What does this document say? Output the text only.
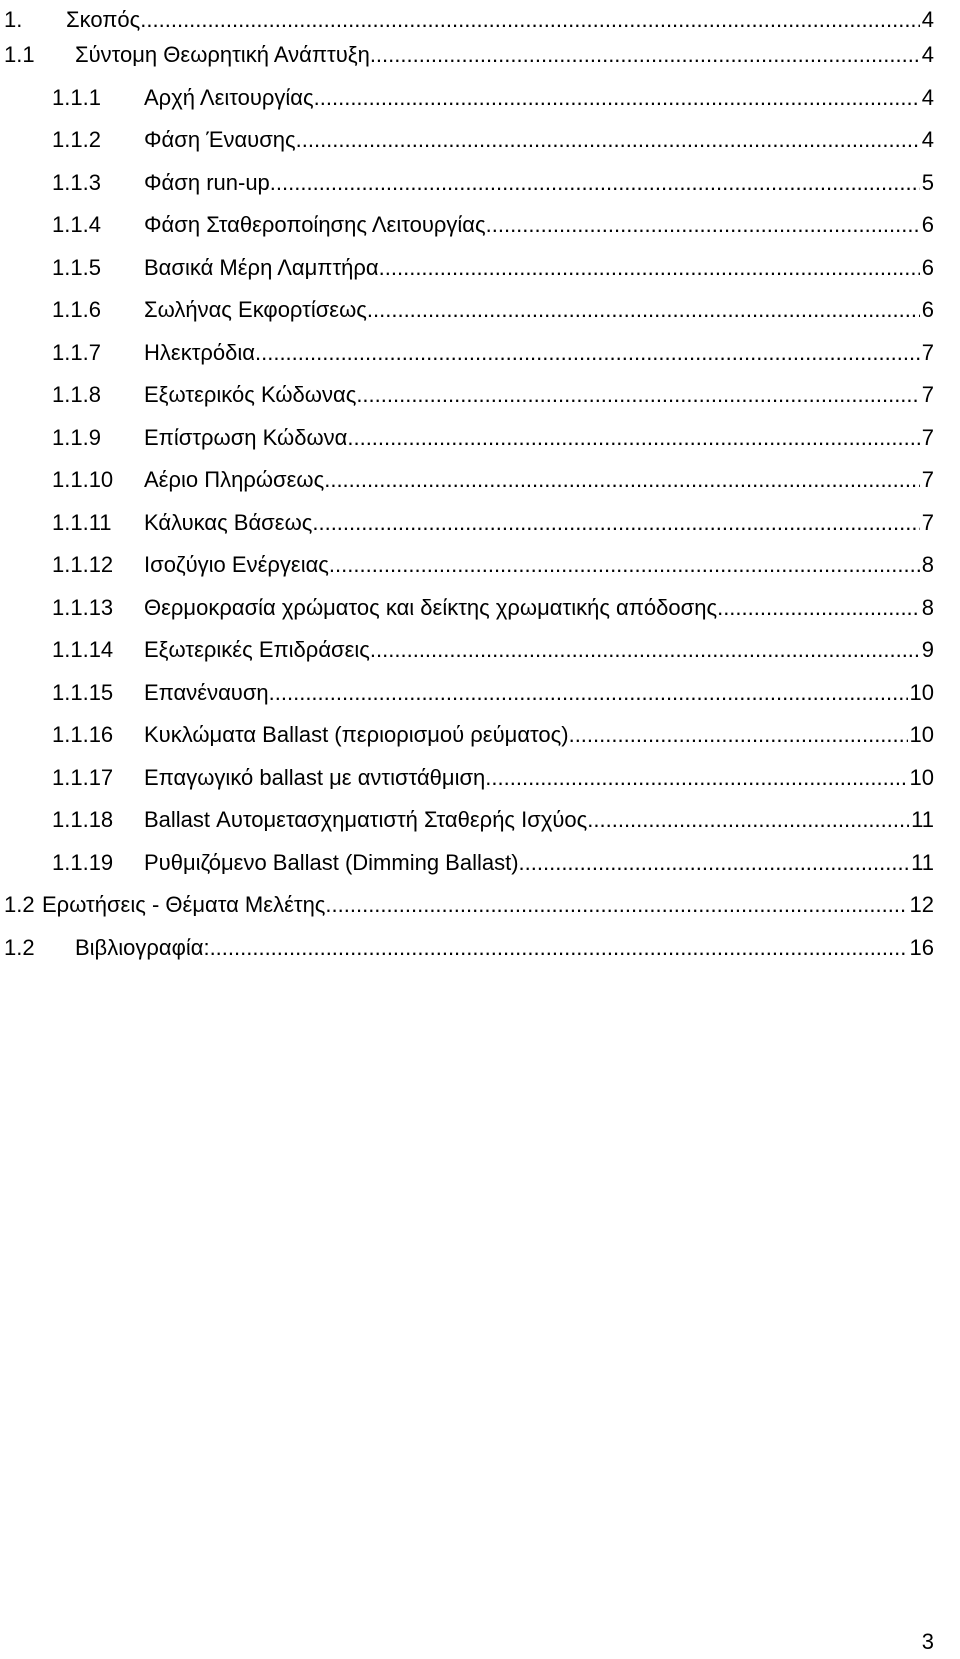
1. Σκοπός .....	4
1.1 Σύντομη Θεωρητική Ανάπτυξη .....	4
1.1.1 Αρχή Λειτουργίας .....	4
1.1.2 Φάση Έναυσης .....	4
1.1.3 Φάση run-up .....	5
1.1.4 Φάση Σταθεροποίησης Λειτουργίας .....	6
1.1.5 Βασικά Μέρη Λαμπτήρα .....	6
1.1.6 Σωλήνας Εκφορτίσεως .....	6
1.1.7 Ηλεκτρόδια .....	7
1.1.8 Εξωτερικός Κώδωνας .....	7
1.1.9 Επίστρωση Κώδωνα .....	7
1.1.10 Αέριο Πληρώσεως .....	7
1.1.11 Κάλυκας Βάσεως .....	7
1.1.12 Ισοζύγιο Ενέργειας .....	8
1.1.13 Θερμοκρασία χρώματος και δείκτης χρωματικής απόδοσης .....	8
1.1.14 Εξωτερικές Επιδράσεις .....	9
1.1.15 Επανέναυση .....	10
1.1.16 Κυκλώματα Ballast (περιορισμού ρεύματος) .....	10
1.1.17 Επαγωγικό ballast με αντιστάθμιση .....	10
1.1.18 Ballast Αυτομετασχηματιστή Σταθερής Ισχύος .....	11
1.1.19 Ρυθμιζόμενο Ballast (Dimming Ballast) .....	11
1.2 Ερωτήσεις - Θέματα Μελέτης .....	12
1.2 Βιβλιογραφία: .....	16
3
